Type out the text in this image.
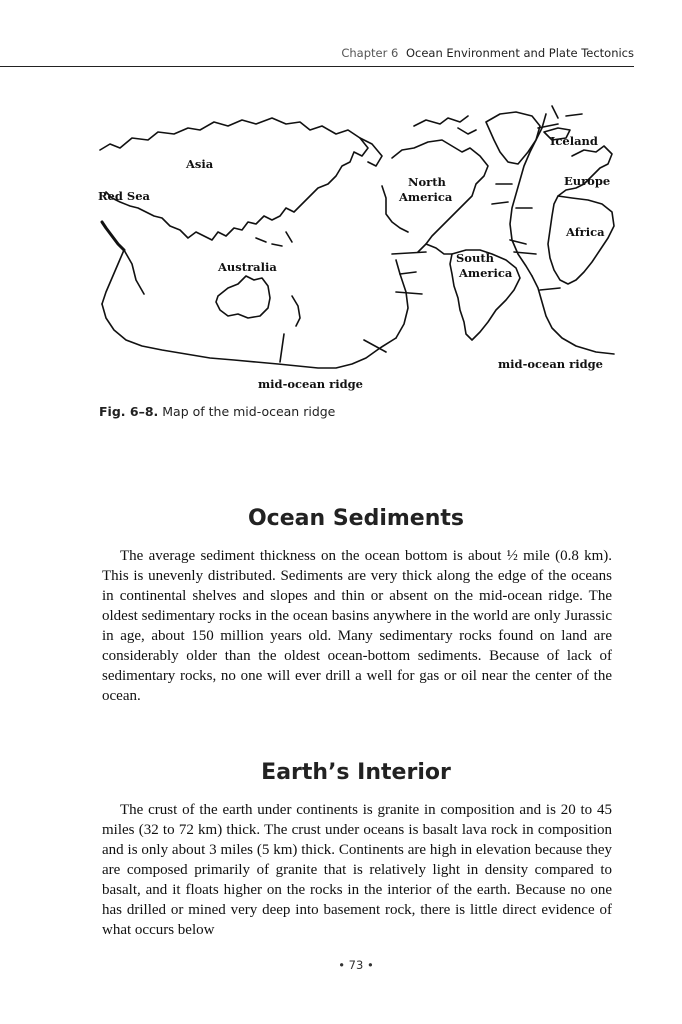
Chapter 6 Ocean Environment and Plate Tectonics
Asia
Red Sea
Australia
North
America
South
America
Iceland
Europe
Africa
mid-ocean ridge
mid-ocean ridge
Fig. 6–8. Map of the mid-ocean ridge
Ocean Sediments

The average sediment thickness on the ocean bottom is about ½ mile (0.8 km). This is unevenly distributed. Sediments are very thick along the edge of the oceans in continental shelves and slopes and thin or absent on the mid-ocean ridge. The oldest sedimentary rocks in the ocean basins anywhere in the world are only Jurassic in age, about 150 million years old. Many sedimentary rocks found on land are considerably older than the oldest ocean-bottom sediments. Because of lack of sedimentary rocks, no one will ever drill a well for gas or oil near the center of the ocean.

Earth’s Interior

The crust of the earth under continents is granite in composition and is 20 to 45 miles (32 to 72 km) thick. The crust under oceans is basalt lava rock in composition and is only about 3 miles (5 km) thick. Continents are high in elevation because they are composed primarily of granite that is relatively light in density compared to basalt, and it floats higher on the rocks in the interior of the earth. Because no one has drilled or mined very deep into basement rock, there is little direct evidence of what occurs below

• 73 •
